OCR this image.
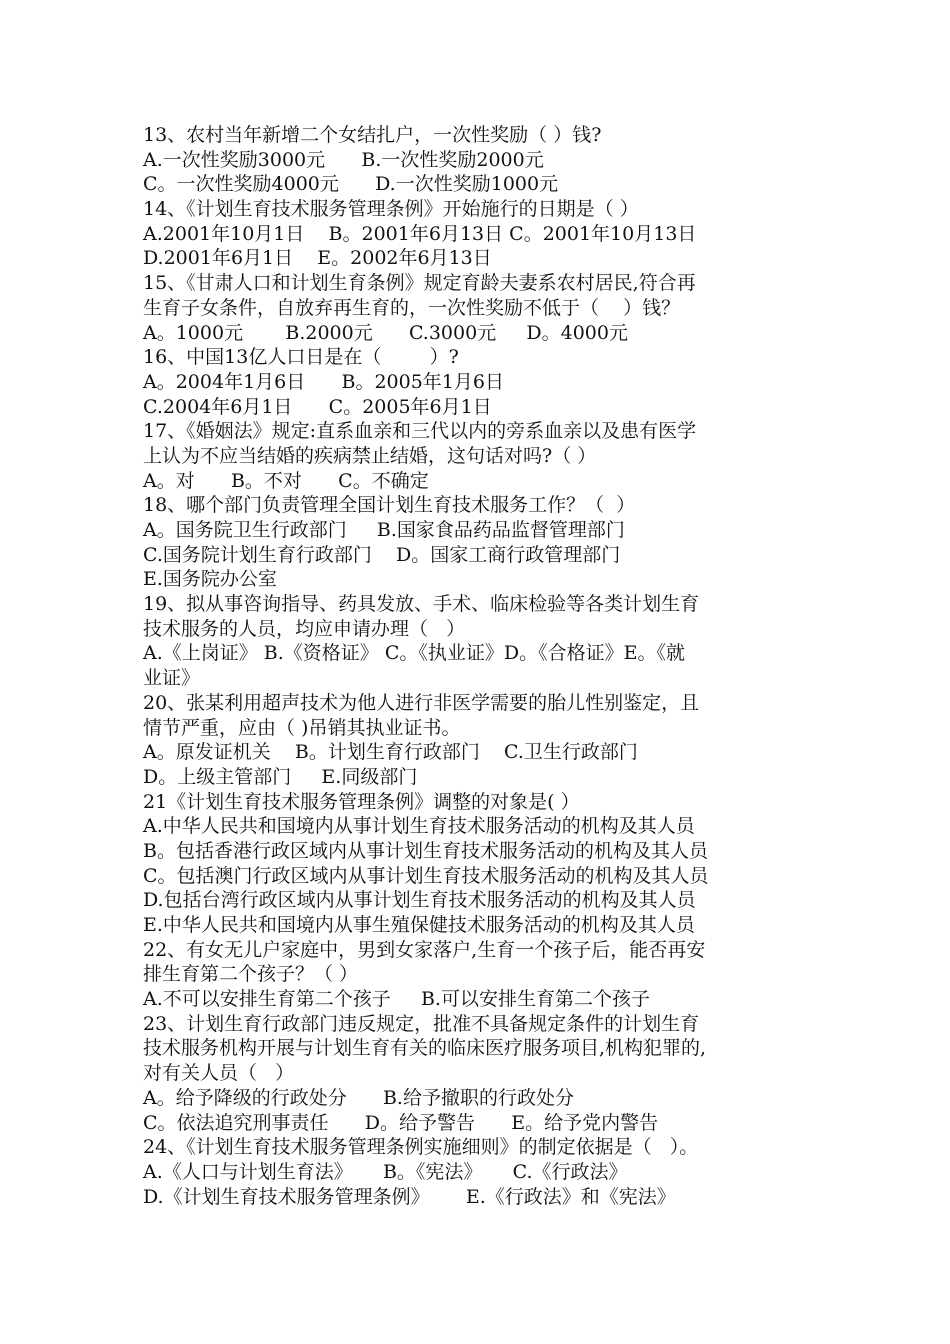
13、农村当年新增二个女结扎户，一次性奖励（ ）钱?
A.一次性奖励3000元      B.一次性奖励2000元
C。一次性奖励4000元      D.一次性奖励1000元
14、《计划生育技术服务管理条例》开始施行的日期是（ ）
A.2001年10月1日    B。2001年6月13日 C。2001年10月13日
D.2001年6月1日    E。2002年6月13日
15、《甘肃人口和计划生育条例》规定育龄夫妻系农村居民,符合再
生育子女条件，自放弃再生育的，一次性奖励不低于（    ）钱？
A。1000元       B.2000元      C.3000元     D。4000元
16、中国13亿人口日是在（        ）?
A。2004年1月6日      B。2005年1月6日
C.2004年6月1日      C。2005年6月1日
17、《婚姻法》规定:直系血亲和三代以内的旁系血亲以及患有医学
上认为不应当结婚的疾病禁止结婚，这句话对吗?（ ）
A。对      B。不对      C。不确定
18、哪个部门负责管理全国计划生育技术服务工作？（  ）
A。国务院卫生行政部门     B.国家食品药品监督管理部门
C.国务院计划生育行政部门    D。国家工商行政管理部门
E.国务院办公室
19、拟从事咨询指导、药具发放、手术、临床检验等各类计划生育
技术服务的人员，均应申请办理（   ）
A.《上岗证》 B.《资格证》 C。《执业证》D。《合格证》E。《就
业证》
20、张某利用超声技术为他人进行非医学需要的胎儿性别鉴定，且
情节严重，应由（ )吊销其执业证书。
A。原发证机关    B。计划生育行政部门    C.卫生行政部门
D。上级主管部门     E.同级部门
21《计划生育技术服务管理条例》调整的对象是( ）
A.中华人民共和国境内从事计划生育技术服务活动的机构及其人员
B。包括香港行政区域内从事计划生育技术服务活动的机构及其人员
C。包括澳门行政区域内从事计划生育技术服务活动的机构及其人员
D.包括台湾行政区域内从事计划生育技术服务活动的机构及其人员
E.中华人民共和国境内从事生殖保健技术服务活动的机构及其人员
22、有女无儿户家庭中，男到女家落户,生育一个孩子后，能否再安
排生育第二个孩子？（ ）
A.不可以安排生育第二个孩子     B.可以安排生育第二个孩子
23、计划生育行政部门违反规定，批准不具备规定条件的计划生育
技术服务机构开展与计划生育有关的临床医疗服务项目,机构犯罪的,
对有关人员（   ）
A。给予降级的行政处分      B.给予撤职的行政处分
C。依法追究刑事责任      D。给予警告      E。给予党内警告
24、《计划生育技术服务管理条例实施细则》的制定依据是（   ）。
A.《人口与计划生育法》     B。《宪法》     C.《行政法》
D.《计划生育技术服务管理条例》      E.《行政法》和《宪法》
